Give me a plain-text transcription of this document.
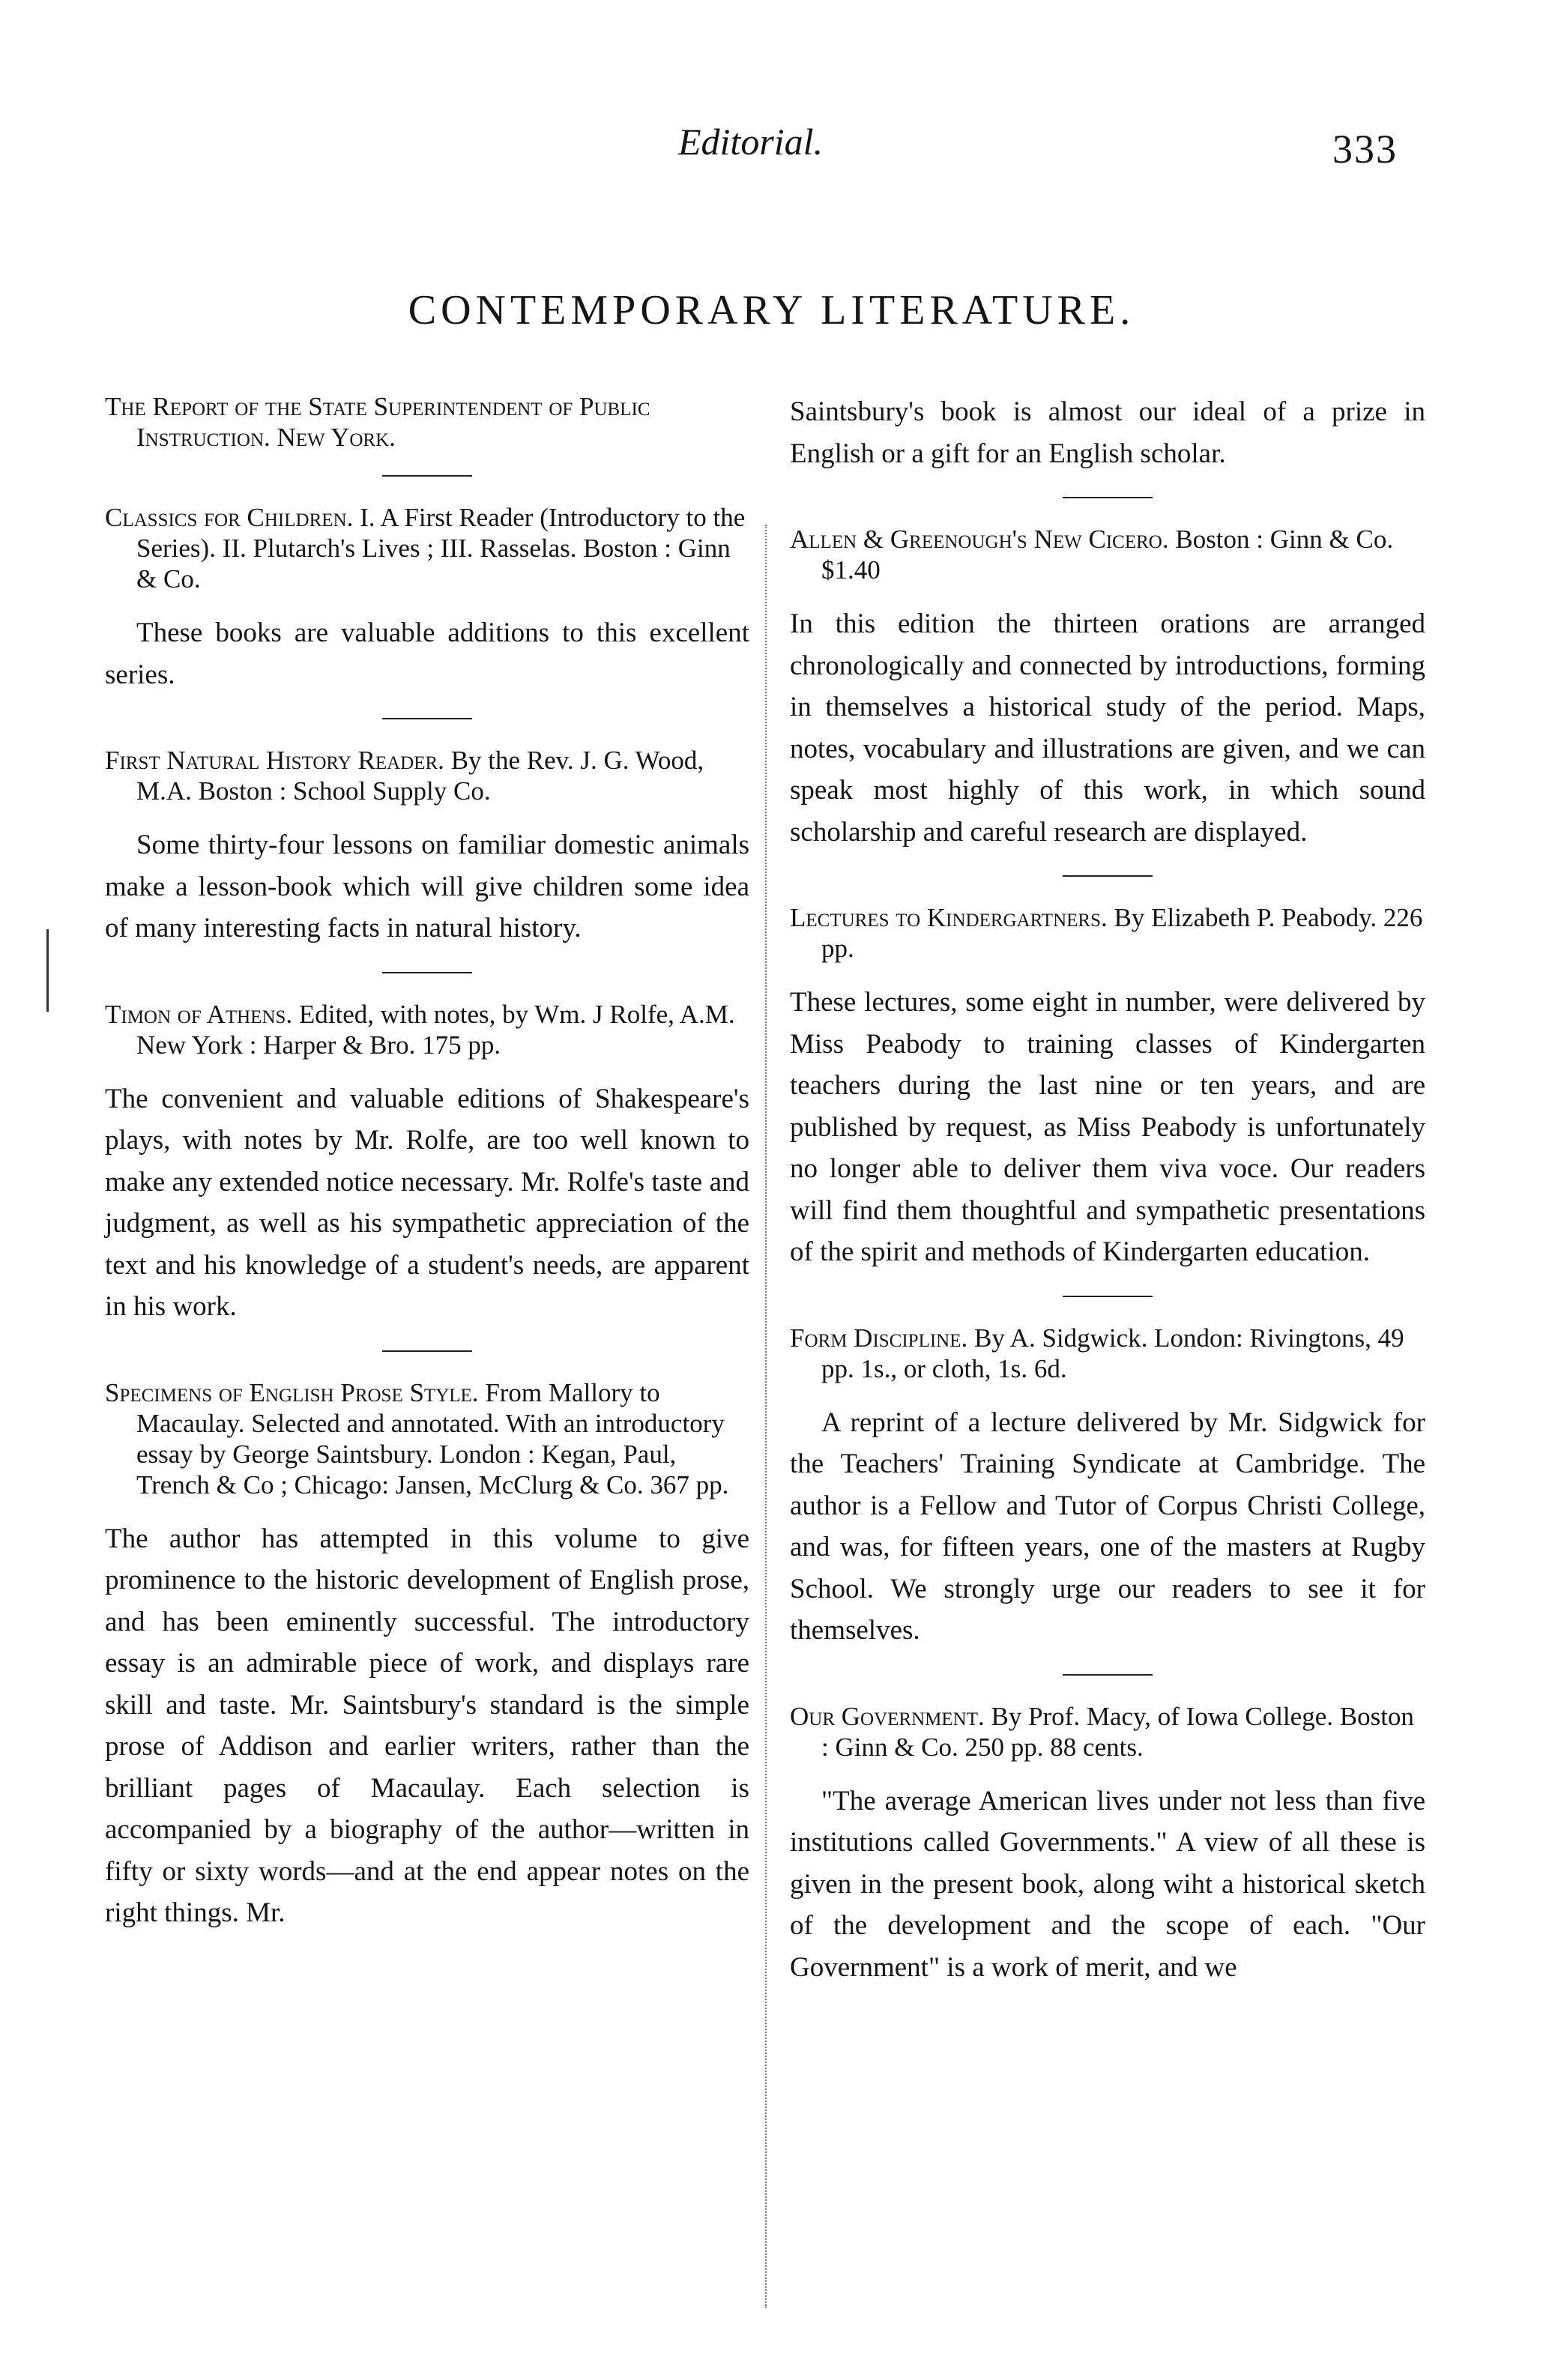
Editorial.	333
CONTEMPORARY LITERATURE.

The Report of the State Superintendent of Public Instruction. New York.

Classics for Children. I. A First Reader (Introductory to the Series). II. Plutarch's Lives ; III. Rasselas. Boston : Ginn & Co.

These books are valuable additions to this excellent series.

First Natural History Reader. By the Rev. J. G. Wood, M.A. Boston : School Supply Co.

Some thirty-four lessons on familiar domestic animals make a lesson-book which will give children some idea of many interesting facts in natural history.

Timon of Athens. Edited, with notes, by Wm. J Rolfe, A.M. New York : Harper & Bro. 175 pp.

The convenient and valuable editions of Shakespeare's plays, with notes by Mr. Rolfe, are too well known to make any extended notice necessary. Mr. Rolfe's taste and judgment, as well as his sympathetic appreciation of the text and his knowledge of a student's needs, are apparent in his work.

Specimens of English Prose Style. From Mallory to Macaulay. Selected and annotated. With an introductory essay by George Saintsbury. London : Kegan, Paul, Trench & Co ; Chicago: Jansen, McClurg & Co. 367 pp.

The author has attempted in this volume to give prominence to the historic development of English prose, and has been eminently successful. The introductory essay is an admirable piece of work, and displays rare skill and taste. Mr. Saintsbury's standard is the simple prose of Addison and earlier writers, rather than the brilliant pages of Macaulay. Each selection is accompanied by a biography of the author—written in fifty or sixty words—and at the end appear notes on the right things. Mr.

Saintsbury's book is almost our ideal of a prize in English or a gift for an English scholar.

Allen & Greenough's New Cicero. Boston : Ginn & Co. $1.40

In this edition the thirteen orations are arranged chronologically and connected by introductions, forming in themselves a historical study of the period. Maps, notes, vocabulary and illustrations are given, and we can speak most highly of this work, in which sound scholarship and careful research are displayed.

Lectures to Kindergartners. By Elizabeth P. Peabody. 226 pp.

These lectures, some eight in number, were delivered by Miss Peabody to training classes of Kindergarten teachers during the last nine or ten years, and are published by request, as Miss Peabody is unfortunately no longer able to deliver them viva voce. Our readers will find them thoughtful and sympathetic presentations of the spirit and methods of Kindergarten education.

Form Discipline. By A. Sidgwick. London: Rivingtons, 49 pp. 1s., or cloth, 1s. 6d.

A reprint of a lecture delivered by Mr. Sidgwick for the Teachers' Training Syndicate at Cambridge. The author is a Fellow and Tutor of Corpus Christi College, and was, for fifteen years, one of the masters at Rugby School. We strongly urge our readers to see it for themselves.

Our Government. By Prof. Macy, of Iowa College. Boston : Ginn & Co. 250 pp. 88 cents.

"The average American lives under not less than five institutions called Governments." A view of all these is given in the present book, along wiht a historical sketch of the development and the scope of each. "Our Government" is a work of merit, and we
